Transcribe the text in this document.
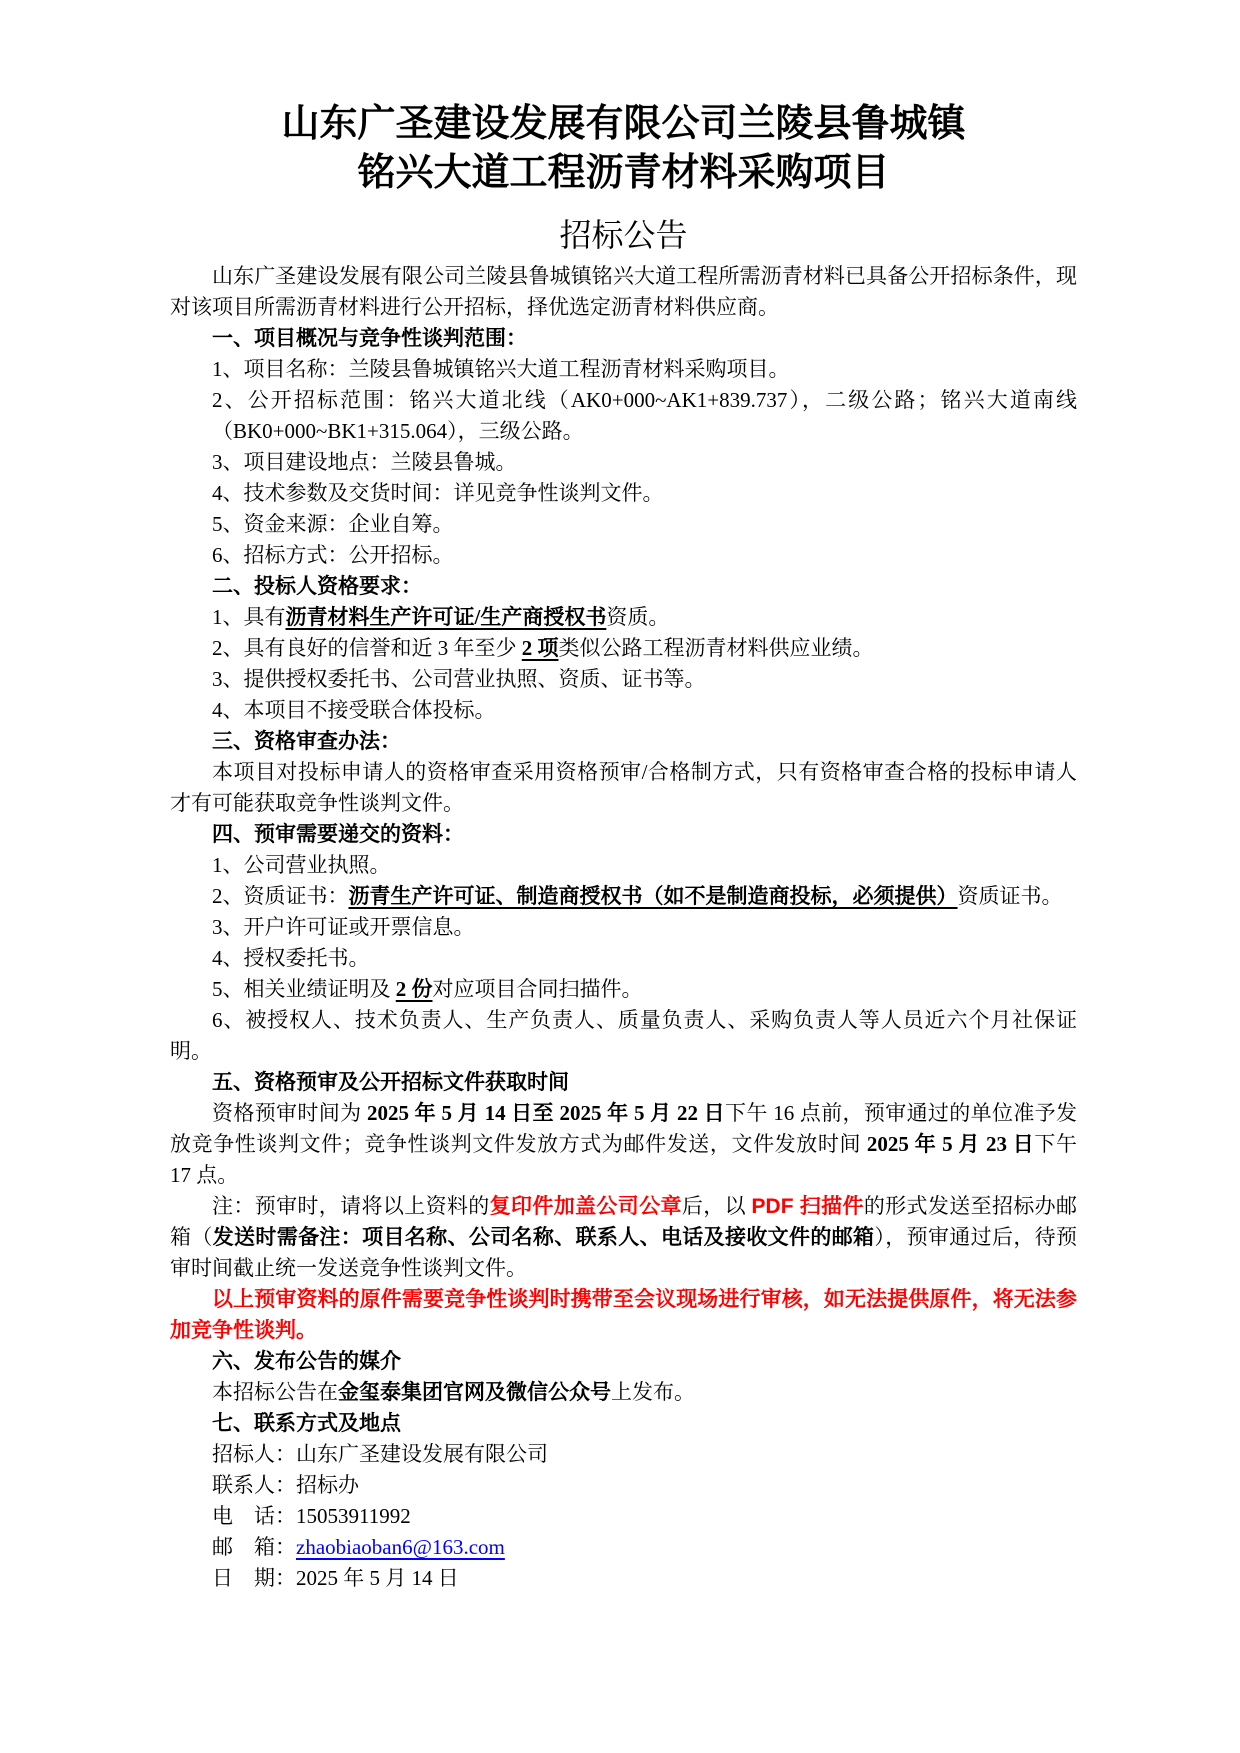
山东广圣建设发展有限公司兰陵县鲁城镇
铭兴大道工程沥青材料采购项目
招标公告

山东广圣建设发展有限公司兰陵县鲁城镇铭兴大道工程所需沥青材料已具备公开招标条件，现对该项目所需沥青材料进行公开招标，择优选定沥青材料供应商。

一、项目概况与竞争性谈判范围：

1、项目名称：兰陵县鲁城镇铭兴大道工程沥青材料采购项目。

2、公开招标范围：铭兴大道北线（AK0+000~AK1+839.737），二级公路；铭兴大道南线（BK0+000~BK1+315.064），三级公路。

3、项目建设地点：兰陵县鲁城。

4、技术参数及交货时间：详见竞争性谈判文件。

5、资金来源：企业自筹。

6、招标方式：公开招标。

二、投标人资格要求：

1、具有沥青材料生产许可证/生产商授权书资质。

2、具有良好的信誉和近 3 年至少 2 项类似公路工程沥青材料供应业绩。

3、提供授权委托书、公司营业执照、资质、证书等。

4、本项目不接受联合体投标。

三、资格审查办法：

本项目对投标申请人的资格审查采用资格预审/合格制方式，只有资格审查合格的投标申请人才有可能获取竞争性谈判文件。

四、预审需要递交的资料：

1、公司营业执照。

2、资质证书：沥青生产许可证、制造商授权书（如不是制造商投标，必须提供）资质证书。

3、开户许可证或开票信息。

4、授权委托书。

5、相关业绩证明及 2 份对应项目合同扫描件。

6、被授权人、技术负责人、生产负责人、质量负责人、采购负责人等人员近六个月社保证明。

五、资格预审及公开招标文件获取时间

资格预审时间为 2025 年 5 月 14 日至 2025 年 5 月 22 日下午 16 点前，预审通过的单位准予发放竞争性谈判文件；竞争性谈判文件发放方式为邮件发送，文件发放时间 2025 年 5 月 23 日下午 17 点。

注：预审时，请将以上资料的复印件加盖公司公章后，以 PDF 扫描件的形式发送至招标办邮箱（发送时需备注：项目名称、公司名称、联系人、电话及接收文件的邮箱），预审通过后，待预审时间截止统一发送竞争性谈判文件。

以上预审资料的原件需要竞争性谈判时携带至会议现场进行审核，如无法提供原件，将无法参加竞争性谈判。

六、发布公告的媒介

本招标公告在金玺泰集团官网及微信公众号上发布。

七、联系方式及地点

招标人：山东广圣建设发展有限公司

联系人：招标办

电　话：15053911992

邮　箱：zhaobiaoban6@163.com

日　期：2025 年 5 月 14 日
